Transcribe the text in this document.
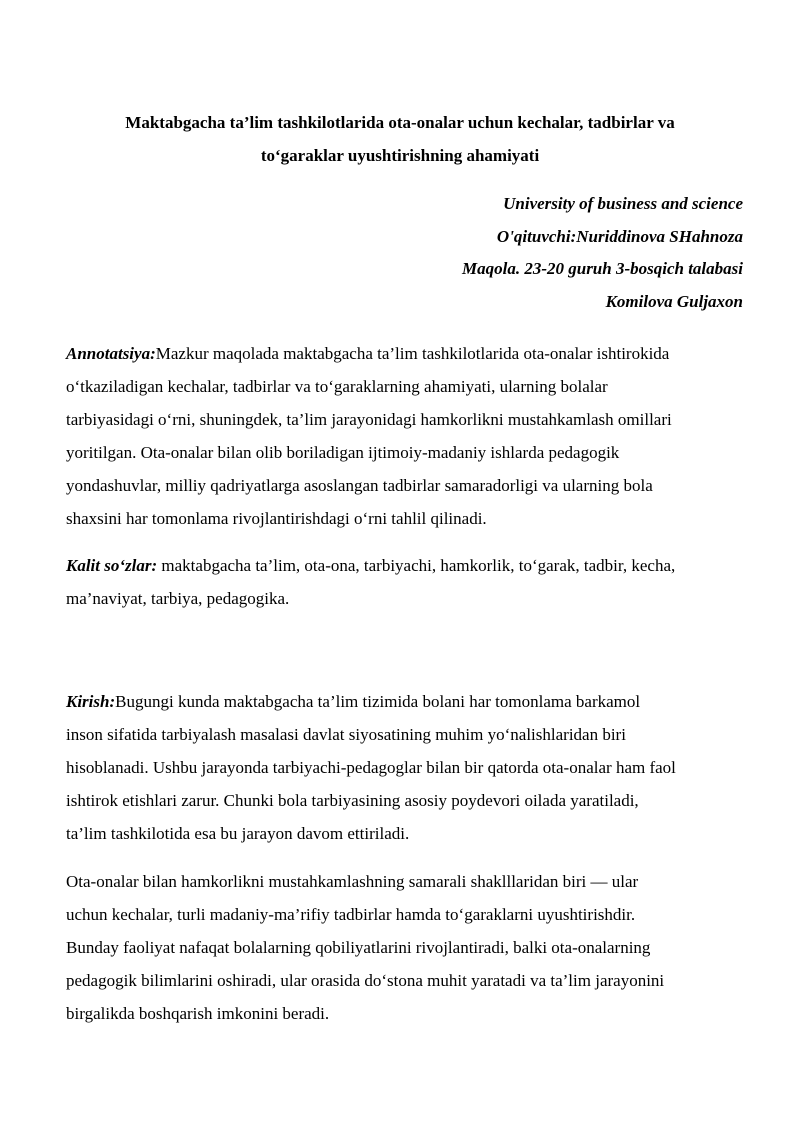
Maktabgacha ta’lim tashkilotlarida ota-onalar uchun kechalar, tadbirlar va
to‘garaklar uyushtirishning ahamiyati
University of business and science
O'qituvchi:Nuriddinova SHahnoza
Maqola. 23-20 guruh 3-bosqich talabasi
Komilova Guljaxon

Annotatsiya:Mazkur maqolada maktabgacha ta’lim tashkilotlarida ota-onalar ishtirokida
o‘tkaziladigan kechalar, tadbirlar va to‘garaklarning ahamiyati, ularning bolalar
tarbiyasidagi o‘rni, shuningdek, ta’lim jarayonidagi hamkorlikni mustahkamlash omillari
yoritilgan. Ota-onalar bilan olib boriladigan ijtimoiy-madaniy ishlarda pedagogik
yondashuvlar, milliy qadriyatlarga asoslangan tadbirlar samaradorligi va ularning bola
shaxsini har tomonlama rivojlantirishdagi o‘rni tahlil qilinadi.

Kalit so‘zlar: maktabgacha ta’lim, ota-ona, tarbiyachi, hamkorlik, to‘garak, tadbir, kecha,
ma’naviyat, tarbiya, pedagogika.

Kirish:Bugungi kunda maktabgacha ta’lim tizimida bolani har tomonlama barkamol
inson sifatida tarbiyalash masalasi davlat siyosatining muhim yo‘nalishlaridan biri
hisoblanadi. Ushbu jarayonda tarbiyachi-pedagoglar bilan bir qatorda ota-onalar ham faol
ishtirok etishlari zarur. Chunki bola tarbiyasining asosiy poydevori oilada yaratiladi,
ta’lim tashkilotida esa bu jarayon davom ettiriladi.

Ota-onalar bilan hamkorlikni mustahkamlashning samarali shaklllaridan biri — ular
uchun kechalar, turli madaniy-ma’rifiy tadbirlar hamda to‘garaklarni uyushtirishdir.
Bunday faoliyat nafaqat bolalarning qobiliyatlarini rivojlantiradi, balki ota-onalarning
pedagogik bilimlarini oshiradi, ular orasida do‘stona muhit yaratadi va ta’lim jarayonini
birgalikda boshqarish imkonini beradi.
